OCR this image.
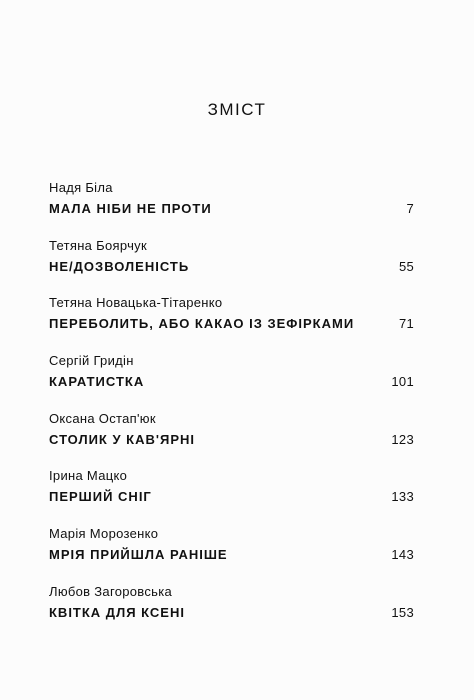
ЗМІСТ
Надя Біла
МАЛА НІБИ НЕ ПРОТИ	7
Тетяна Боярчук
НЕ/ДОЗВОЛЕНІСТЬ	55
Тетяна Новацька-Тітаренко
ПЕРЕБОЛИТЬ, АБО КАКАО ІЗ ЗЕФІРКАМИ	71
Сергій Гридін
КАРАТИСТКА	101
Оксана Остап'юк
СТОЛИК У КАВ'ЯРНІ	123
Ірина Мацко
ПЕРШИЙ СНІГ	133
Марія Морозенко
МРІЯ ПРИЙШЛА РАНІШЕ	143
Любов Загоровська
КВІТКА ДЛЯ КСЕНІ	153
